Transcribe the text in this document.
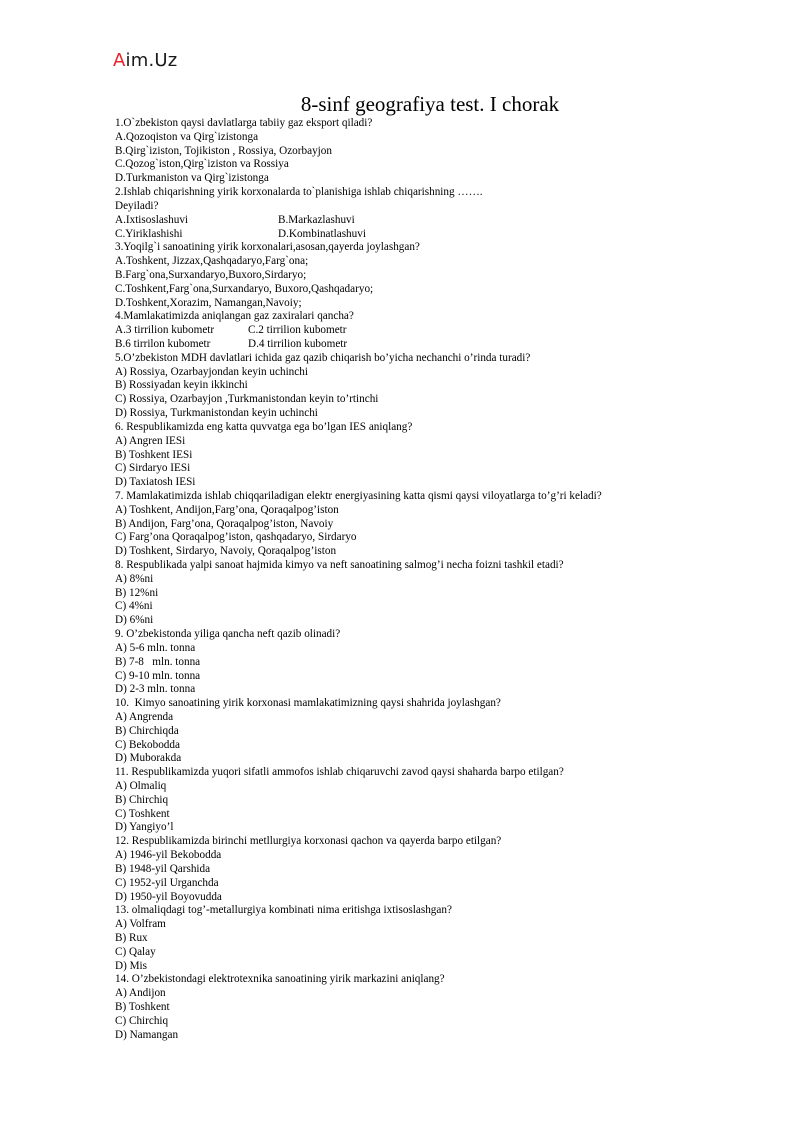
Aim.Uz
8-sinf geografiya test. I chorak
1.O`zbekiston qaysi davlatlarga tabiiy gaz eksport qiladi?
A.Qozoqiston va Qirg`izistonga
B.Qirg`iziston, Tojikiston , Rossiya, Ozorbayjon
C.Qozog`iston,Qirg`iziston va Rossiya
D.Turkmaniston va Qirg`izistonga
2.Ishlab chiqarishning yirik korxonalarda to`planishiga ishlab chiqarishning …….
Deyiladi?
A.Ixtisoslashuvi	B.Markazlashuvi
C.Yiriklashishi	D.Kombinatlashuvi
3.Yoqilg`i sanoatining yirik korxonalari,asosan,qayerda joylashgan?
A.Toshkent, Jizzax,Qashqadaryo,Farg`ona;
B.Farg`ona,Surxandaryo,Buxoro,Sirdaryo;
C.Toshkent,Farg`ona,Surxandaryo, Buxoro,Qashqadaryo;
D.Toshkent,Xorazim, Namangan,Navoiy;
4.Mamlakatimizda aniqlangan gaz zaxiralari qancha?
A.3 tirrilion kubometr	C.2 tirrilion kubometr
B.6 tirrilon kubometr	D.4 tirrilion kubometr
5.O’zbekiston MDH davlatlari ichida gaz qazib chiqarish bo’yicha nechanchi o’rinda turadi?
A) Rossiya, Ozarbayjondan keyin uchinchi
B) Rossiyadan keyin ikkinchi
C) Rossiya, Ozarbayjon ,Turkmanistondan keyin to’rtinchi
D) Rossiya, Turkmanistondan keyin uchinchi
6. Respublikamizda eng katta quvvatga ega bo’lgan IES aniqlang?
A) Angren IESi
B) Toshkent IESi
C) Sirdaryo IESi
D) Taxiatosh IESi
7. Mamlakatimizda ishlab chiqqariladigan elektr energiyasining katta qismi qaysi viloyatlarga to’g’ri keladi?
A) Toshkent, Andijon,Farg’ona, Qoraqalpog’iston
B) Andijon, Farg’ona, Qoraqalpog’iston, Navoiy
C) Farg’ona Qoraqalpog’iston, qashqadaryo, Sirdaryo
D) Toshkent, Sirdaryo, Navoiy, Qoraqalpog’iston
8. Respublikada yalpi sanoat hajmida kimyo va neft sanoatining salmog’i necha foizni tashkil etadi?
A) 8%ni
B) 12%ni
C) 4%ni
D) 6%ni
9. O’zbekistonda yiliga qancha neft qazib olinadi?
A) 5-6 mln. tonna
B) 7-8   mln. tonna
C) 9-10 mln. tonna
D) 2-3 mln. tonna
10.  Kimyo sanoatining yirik korxonasi mamlakatimizning qaysi shahrida joylashgan?
A) Angrenda
B) Chirchiqda
C) Bekobodda
D) Muborakda
11. Respublikamizda yuqori sifatli ammofos ishlab chiqaruvchi zavod qaysi shaharda barpo etilgan?
A) Olmaliq
B) Chirchiq
C) Toshkent
D) Yangiyo’l
12. Respublikamizda birinchi metllurgiya korxonasi qachon va qayerda barpo etilgan?
A) 1946-yil Bekobodda
B) 1948-yil Qarshida
C) 1952-yil Urganchda
D) 1950-yil Boyovudda
13. olmaliqdagi tog’-metallurgiya kombinati nima eritishga ixtisoslashgan?
A) Volfram
B) Rux
C) Qalay
D) Mis
14. O’zbekistondagi elektrotexnika sanoatining yirik markazini aniqlang?
A) Andijon
B) Toshkent
C) Chirchiq
D) Namangan
